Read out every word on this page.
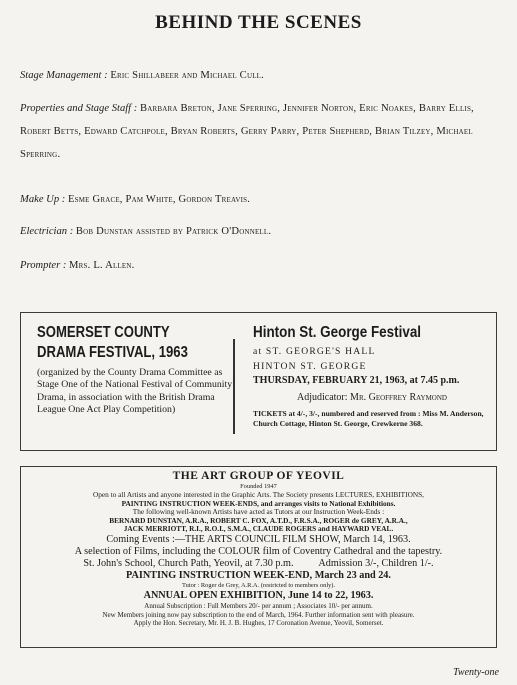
BEHIND THE SCENES
Stage Management : Eric Shillabeer and Michael Cull.
Properties and Stage Staff : Barbara Breton, Jane Sperring, Jennifer Norton, Eric Noakes, Barry Ellis, Robert Betts, Edward Catchpole, Bryan Roberts, Gerry Parry, Peter Shepherd, Brian Tilzey, Michael Sperring.
Make Up : Esme Grace, Pam White, Gordon Treavis.
Electrician : Bob Dunstan assisted by Patrick O'Donnell.
Prompter : Mrs. L. Allen.
SOMERSET COUNTY
DRAMA FESTIVAL, 1963
(organized by the County Drama Committee as Stage One of the National Festival of Community Drama, in association with the British Drama League One Act Play Competition)
Hinton St. George Festival
at ST. GEORGE'S HALL
HINTON ST. GEORGE
THURSDAY, FEBRUARY 21, 1963, at 7.45 p.m.
Adjudicator: Mr. Geoffrey Raymond
TICKETS at 4/-, 3/-, numbered and reserved from : Miss M. Anderson, Church Cottage, Hinton St. George, Crewkerne 368.
THE ART GROUP OF YEOVIL
Founded 1947
Open to all Artists and anyone interested in the Graphic Arts. The Society presents LECTURES, EXHIBITIONS,
PAINTING INSTRUCTION WEEK-ENDS, and arranges visits to National Exhibitions.
The following well-known Artists have acted as Tutors at our Instruction Week-Ends :
BERNARD DUNSTAN, A.R.A., ROBERT C. FOX, A.T.D., F.R.S.A., ROGER de GREY, A.R.A.,
JACK MERRIOTT, R.I., R.O.I., S.M.A., CLAUDE ROGERS and HAYWARD VEAL.
Coming Events :—THE ARTS COUNCIL FILM SHOW, March 14, 1963.
A selection of Films, including the COLOUR film of Coventry Cathedral and the tapestry.
St. John's School, Church Path, Yeovil, at 7.30 p.m.          Admission 3/-, Children 1/-.
PAINTING INSTRUCTION WEEK-END, March 23 and 24.
Tutor : Roger de Grey, A.R.A. (restricted to members only).
ANNUAL OPEN EXHIBITION, June 14 to 22, 1963.
Annual Subscription : Full Members 20/- per annum ; Associates 10/- per annum.
New Members joining now pay subscription to the end of March, 1964. Further information sent with pleasure.
Apply the Hon. Secretary, Mr. H. J. B. Hughes, 17 Coronation Avenue, Yeovil, Somerset.
Twenty-one
